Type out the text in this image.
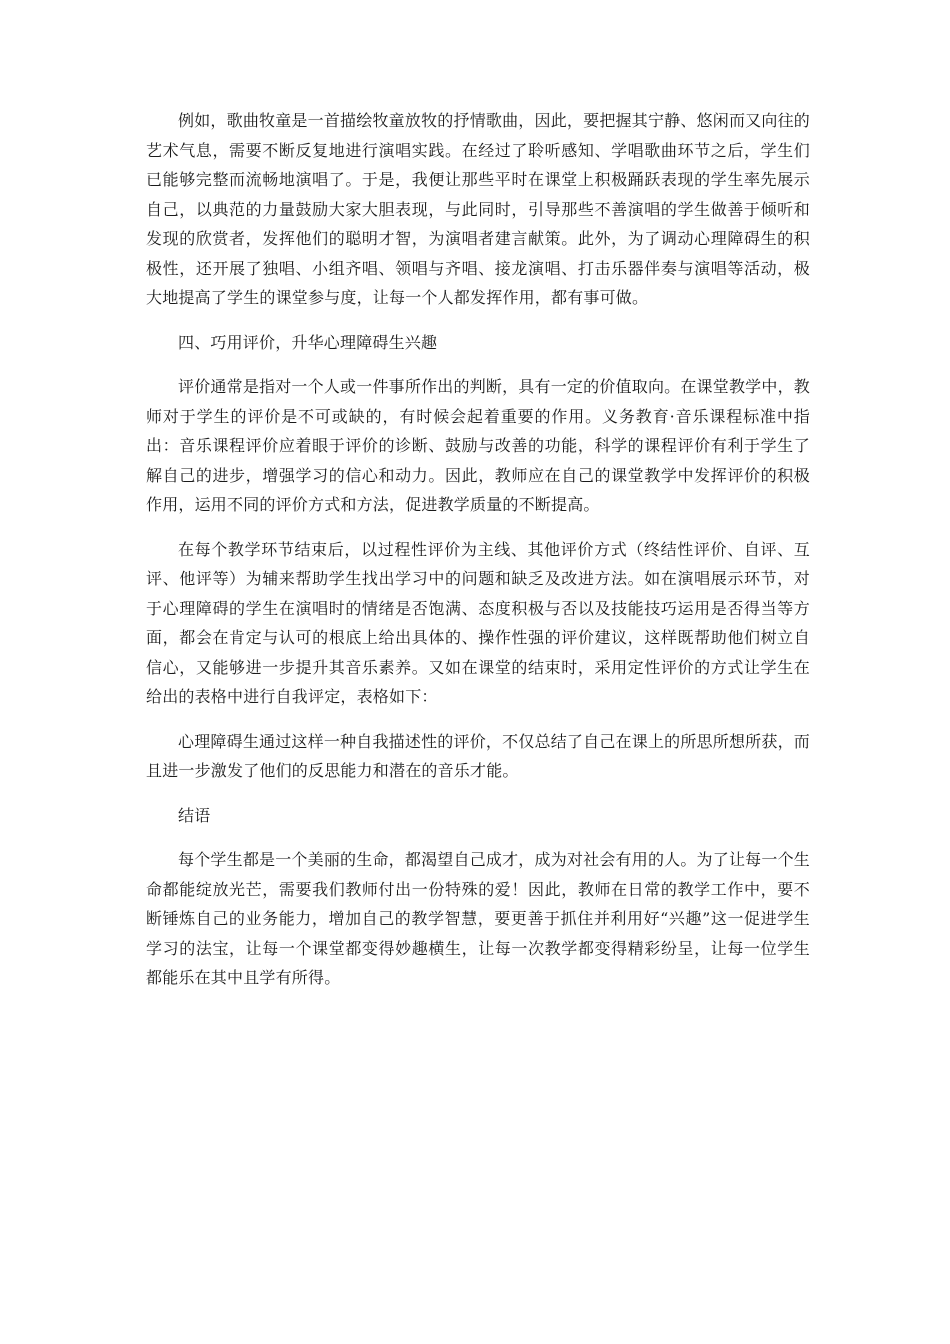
例如，歌曲牧童是一首描绘牧童放牧的抒情歌曲，因此，要把握其宁静、悠闲而又向往的艺术气息，需要不断反复地进行演唱实践。在经过了聆听感知、学唱歌曲环节之后，学生们已能够完整而流畅地演唱了。于是，我便让那些平时在课堂上积极踊跃表现的学生率先展示自己，以典范的力量鼓励大家大胆表现，与此同时，引导那些不善演唱的学生做善于倾听和发现的欣赏者，发挥他们的聪明才智，为演唱者建言献策。此外，为了调动心理障碍生的积极性，还开展了独唱、小组齐唱、领唱与齐唱、接龙演唱、打击乐器伴奏与演唱等活动，极大地提高了学生的课堂参与度，让每一个人都发挥作用，都有事可做。

四、巧用评价，升华心理障碍生兴趣

评价通常是指对一个人或一件事所作出的判断，具有一定的价值取向。在课堂教学中，教师对于学生的评价是不可或缺的，有时候会起着重要的作用。义务教育·音乐课程标准中指出：音乐课程评价应着眼于评价的诊断、鼓励与改善的功能，科学的课程评价有利于学生了解自己的进步，增强学习的信心和动力。因此，教师应在自己的课堂教学中发挥评价的积极作用，运用不同的评价方式和方法，促进教学质量的不断提高。

在每个教学环节结束后，以过程性评价为主线、其他评价方式（终结性评价、自评、互评、他评等）为辅来帮助学生找出学习中的问题和缺乏及改进方法。如在演唱展示环节，对于心理障碍的学生在演唱时的情绪是否饱满、态度积极与否以及技能技巧运用是否得当等方面，都会在肯定与认可的根底上给出具体的、操作性强的评价建议，这样既帮助他们树立自信心，又能够进一步提升其音乐素养。又如在课堂的结束时，采用定性评价的方式让学生在给出的表格中进行自我评定，表格如下：

心理障碍生通过这样一种自我描述性的评价，不仅总结了自己在课上的所思所想所获，而且进一步激发了他们的反思能力和潜在的音乐才能。

结语

每个学生都是一个美丽的生命，都渴望自己成才，成为对社会有用的人。为了让每一个生命都能绽放光芒，需要我们教师付出一份特殊的爱！因此，教师在日常的教学工作中，要不断锤炼自己的业务能力，增加自己的教学智慧，要更善于抓住并利用好“兴趣”这一促进学生学习的法宝，让每一个课堂都变得妙趣横生，让每一次教学都变得精彩纷呈，让每一位学生都能乐在其中且学有所得。
